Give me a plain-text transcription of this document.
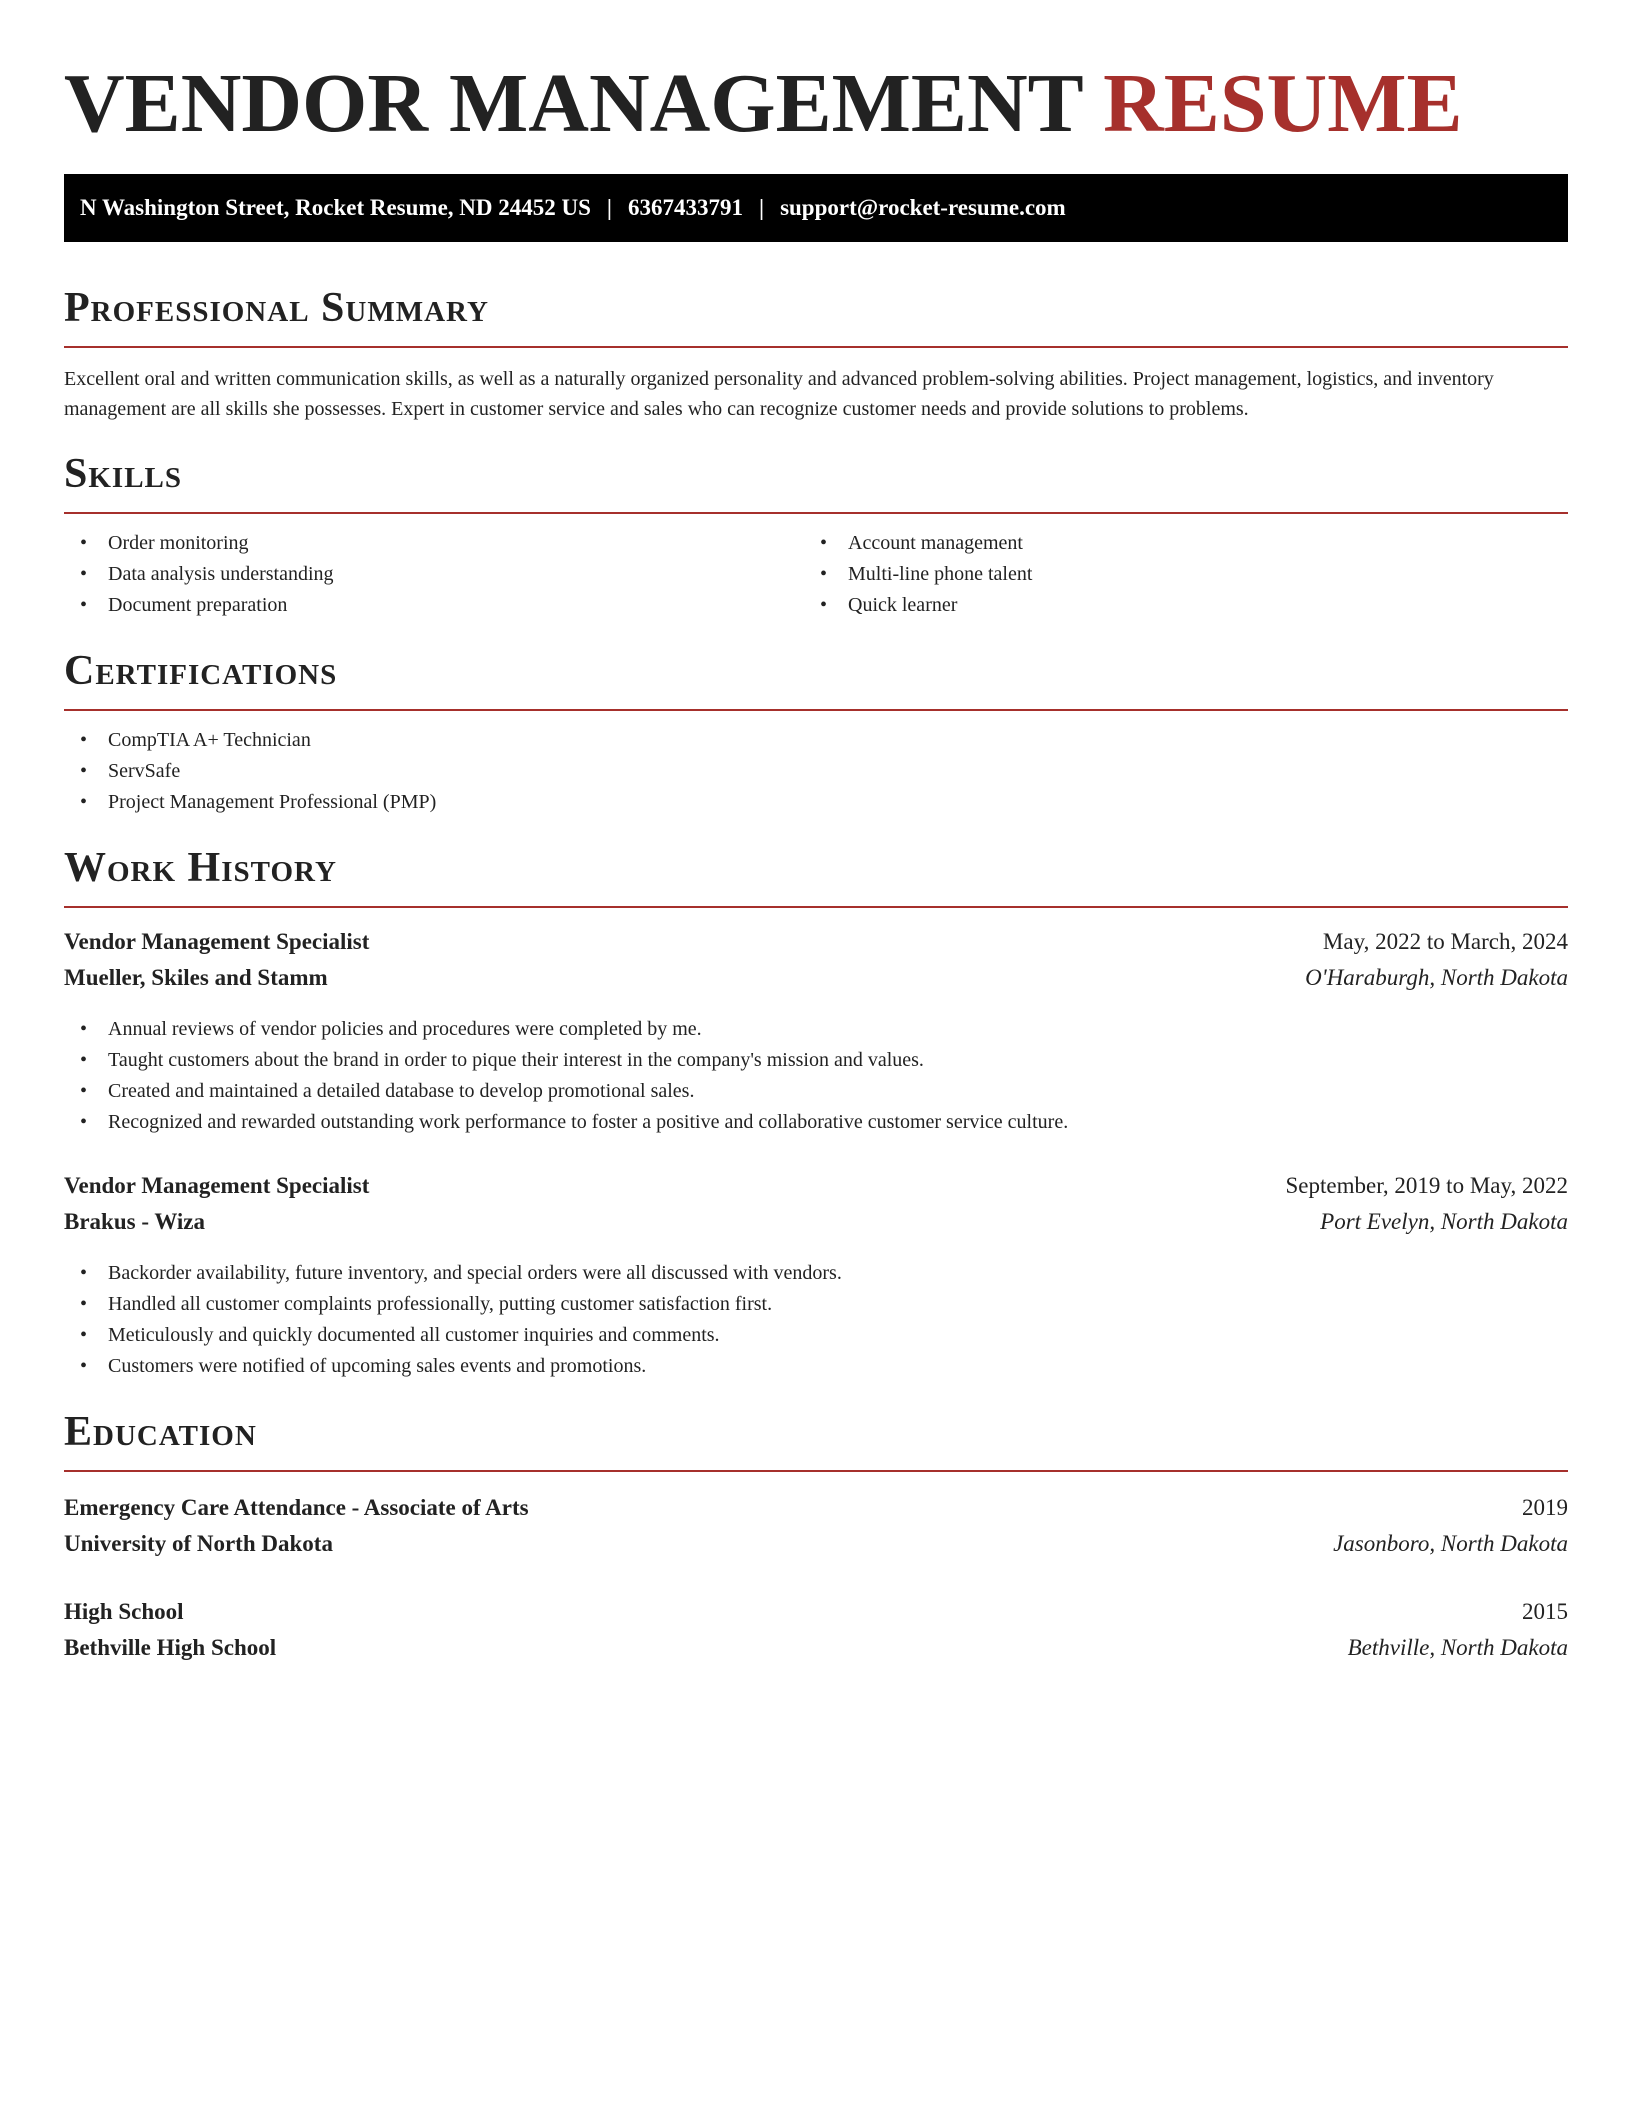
VENDOR MANAGEMENT RESUME
N Washington Street, Rocket Resume, ND 24452 US | 6367433791 | support@rocket-resume.com
Professional Summary

Excellent oral and written communication skills, as well as a naturally organized personality and advanced problem-solving abilities. Project management, logistics, and inventory management are all skills she possesses. Expert in customer service and sales who can recognize customer needs and provide solutions to problems.

Skills
• Order monitoring
• Data analysis understanding
• Document preparation
• Account management
• Multi-line phone talent
• Quick learner
Certifications
• CompTIA A+ Technician
• ServSafe
• Project Management Professional (PMP)
Work History
Vendor Management Specialist	May, 2022 to March, 2024
Mueller, Skiles and Stamm	O'Haraburgh, North Dakota
• Annual reviews of vendor policies and procedures were completed by me.
• Taught customers about the brand in order to pique their interest in the company's mission and values.
• Created and maintained a detailed database to develop promotional sales.
• Recognized and rewarded outstanding work performance to foster a positive and collaborative customer service culture.
Vendor Management Specialist	September, 2019 to May, 2022
Brakus - Wiza	Port Evelyn, North Dakota
• Backorder availability, future inventory, and special orders were all discussed with vendors.
• Handled all customer complaints professionally, putting customer satisfaction first.
• Meticulously and quickly documented all customer inquiries and comments.
• Customers were notified of upcoming sales events and promotions.
Education
Emergency Care Attendance - Associate of Arts	2019
University of North Dakota	Jasonboro, North Dakota
High School	2015
Bethville High School	Bethville, North Dakota
